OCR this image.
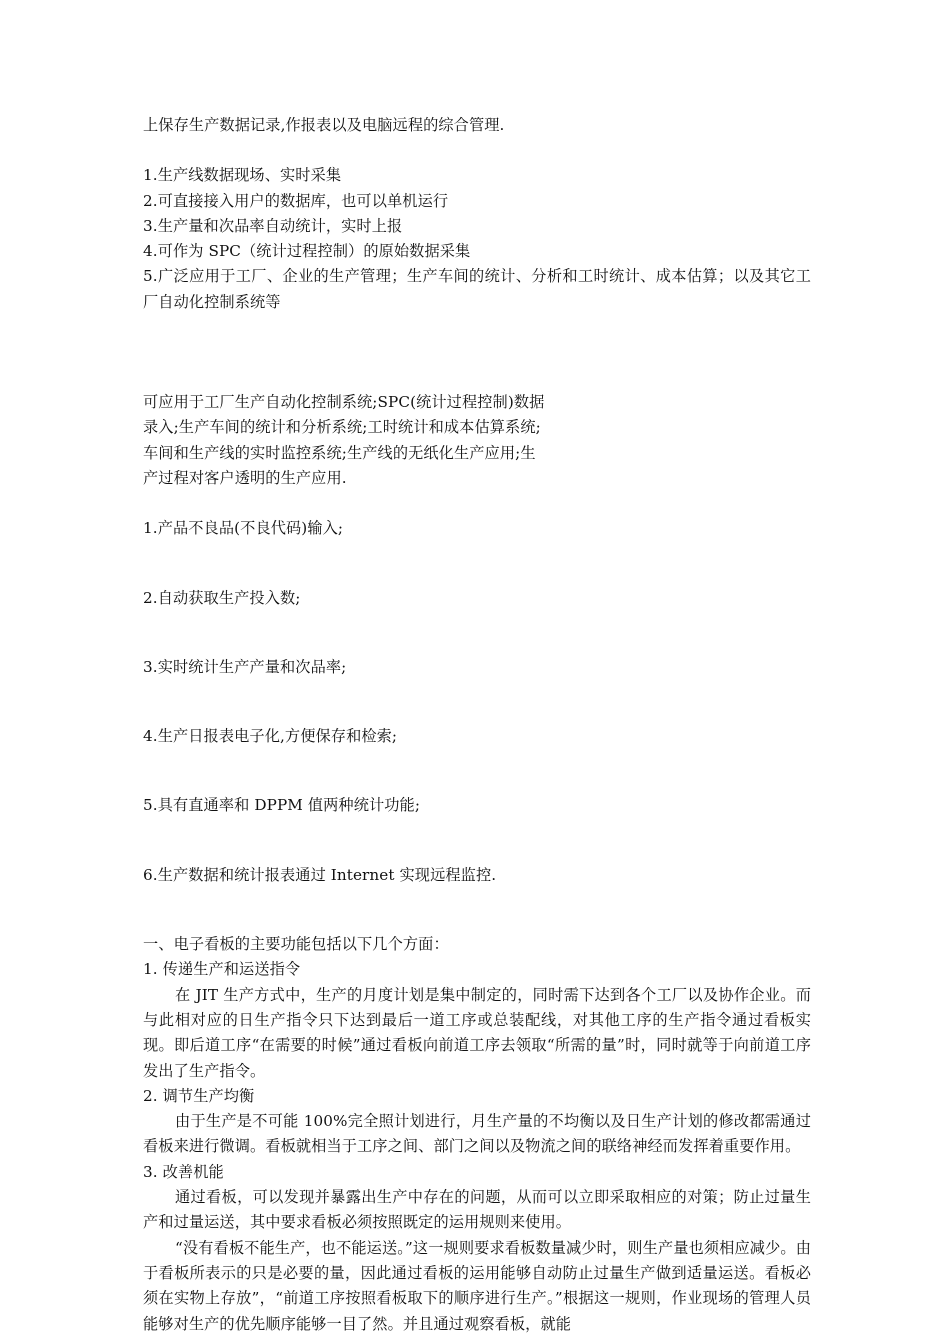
上保存生产数据记录,作报表以及电脑远程的综合管理.
1.生产线数据现场、实时采集
2.可直接接入用户的数据库，也可以单机运行
3.生产量和次品率自动统计，实时上报
4.可作为 SPC（统计过程控制）的原始数据采集
5.广泛应用于工厂、企业的生产管理；生产车间的统计、分析和工时统计、成本估算；以及其它工厂自动化控制系统等
可应用于工厂生产自动化控制系统;SPC(统计过程控制)数据
录入;生产车间的统计和分析系统;工时统计和成本估算系统;
车间和生产线的实时监控系统;生产线的无纸化生产应用;生
产过程对客户透明的生产应用.
1.产品不良品(不良代码)输入;
2.自动获取生产投入数;
3.实时统计生产产量和次品率;
4.生产日报表电子化,方便保存和检索;
5.具有直通率和 DPPM 值两种统计功能;
6.生产数据和统计报表通过 Internet 实现远程监控.
一、电子看板的主要功能包括以下几个方面：
1. 传递生产和运送指令
在 JIT 生产方式中，生产的月度计划是集中制定的，同时需下达到各个工厂以及协作企业。而与此相对应的日生产指令只下达到最后一道工序或总装配线，对其他工序的生产指令通过看板实现。即后道工序“在需要的时候”通过看板向前道工序去领取“所需的量”时，同时就等于向前道工序发出了生产指令。
2. 调节生产均衡
由于生产是不可能 100%完全照计划进行，月生产量的不均衡以及日生产计划的修改都需通过看板来进行微调。看板就相当于工序之间、部门之间以及物流之间的联络神经而发挥着重要作用。
3. 改善机能
通过看板，可以发现并暴露出生产中存在的问题，从而可以立即采取相应的对策；防止过量生产和过量运送，其中要求看板必须按照既定的运用规则来使用。
“没有看板不能生产，也不能运送。”这一规则要求看板数量减少时，则生产量也须相应减少。由于看板所表示的只是必要的量，因此通过看板的运用能够自动防止过量生产做到适量运送。看板必须在实物上存放”，“前道工序按照看板取下的顺序进行生产。”根据这一规则，作业现场的管理人员能够对生产的优先顺序能够一目了然。并且通过观察看板，就能
